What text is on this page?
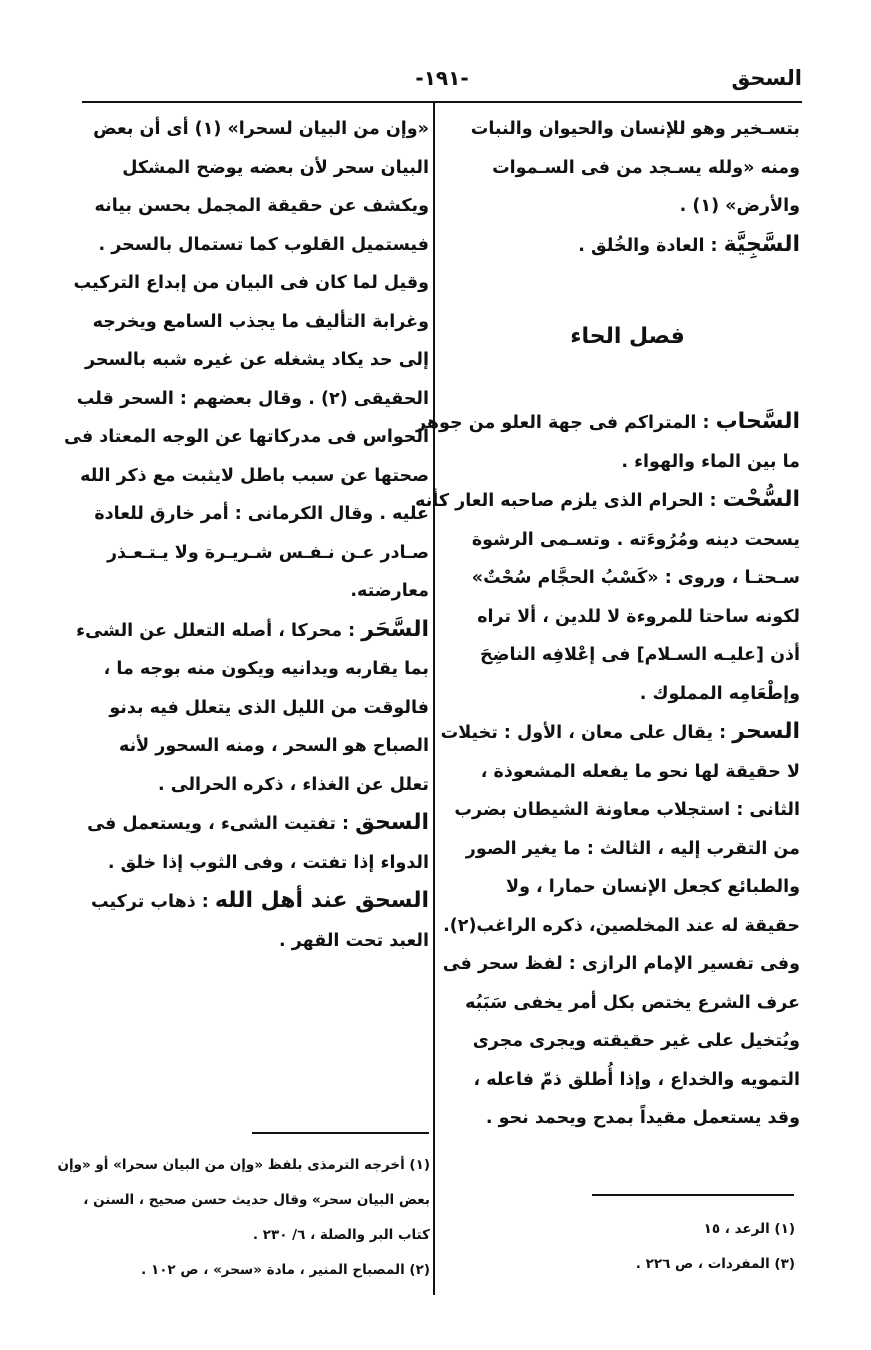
السحق
-١٩١-
بتسـخير وهو للإنسان والحيوان والنبات
ومنه «ولله يسـجد من فى السـموات
والأرض» (١) .
السَّجِيَّة : العادة والخُلق .
فصل الحاء
السَّحاب : المتراكم فى جهة العلو من جوهر
ما بين الماء والهواء .
السُّحْت : الحرام الذى يلزم صاحبه العار كأنه
يسحت دينه ومُرُوءَته . وتسـمى الرشوة
سـحتـا ، وروى : «كَسْبُ الحجَّام سُحْتٌ»
لكونه ساحتا للمروءة لا للدين ، ألا تراه
أذن [عليـه السـلام] فى إعْلافِه الناضِحَ
وإطْعَامِه المملوك .
السحر : يقال على معان ، الأول : تخيلات
لا حقيقة لها نحو ما يفعله المشعوذة ،
الثانى : استجلاب معاونة الشيطان بضرب
من التقرب إليه ، الثالث : ما يغير الصور
والطبائع كجعل الإنسان حمارا ، ولا
حقيقة له عند المخلصين، ذكره الراغب(٢).
وفى تفسير الإمام الرازى : لفظ سحر فى
عرف الشرع يختص بكل أمر يخفى سَبَبُه
ويُتخيل على غير حقيقته ويجرى مجرى
التمويه والخداع ، وإذا أُطلق ذمّ فاعله ،
وقد يستعمل مقيداً بمدح ويحمد نحو .
«وإن من البيان لسحرا» (١) أى أن بعض
البيان سحر لأن بعضه يوضح المشكل
ويكشف عن حقيقة المجمل بحسن بيانه
فيستميل القلوب كما تستمال بالسحر .
وقيل لما كان فى البيان من إبداع التركيب
وغرابة التأليف ما يجذب السامع ويخرجه
إلى حد يكاد يشغله عن غيره شبه بالسحر
الحقيقى (٢) . وقال بعضهم : السحر قلب
الحواس فى مدركاتها عن الوجه المعتاد فى
صحتها عن سبب باطل لايثبت مع ذكر الله
عليه . وقال الكرمانى : أمر خارق للعادة
صـادر عـن نـفـس شـريـرة ولا يـتـعـذر
معارضته.
السَّحَر : محركا ، أصله التعلل عن الشىء
بما يقاربه ويدانيه ويكون منه بوجه ما ،
فالوقت من الليل الذى يتعلل فيه بدنو
الصباح هو السحر ، ومنه السحور لأنه
تعلل عن الغذاء ، ذكره الحرالى .
السحق : تفتيت الشىء ، ويستعمل فى
الدواء إذا تفتت ، وفى الثوب إذا خلق .
السحق عند أهل الله : ذهاب تركيب
العبد تحت القهر .
(١) أخرجه الترمذى بلفظ «وإن من البيان سحرا» أو «وإن
بعض البيان سحر» وقال حديث حسن صحيح ، السنن ،
كتاب البر والصلة ، ٦/ ٢٣٠ .
(٢) المصباح المنير ، مادة «سحر» ، ص ١٠٢ .
(١) الرعد ، ١٥
(٣) المفردات ، ص ٢٢٦ .
